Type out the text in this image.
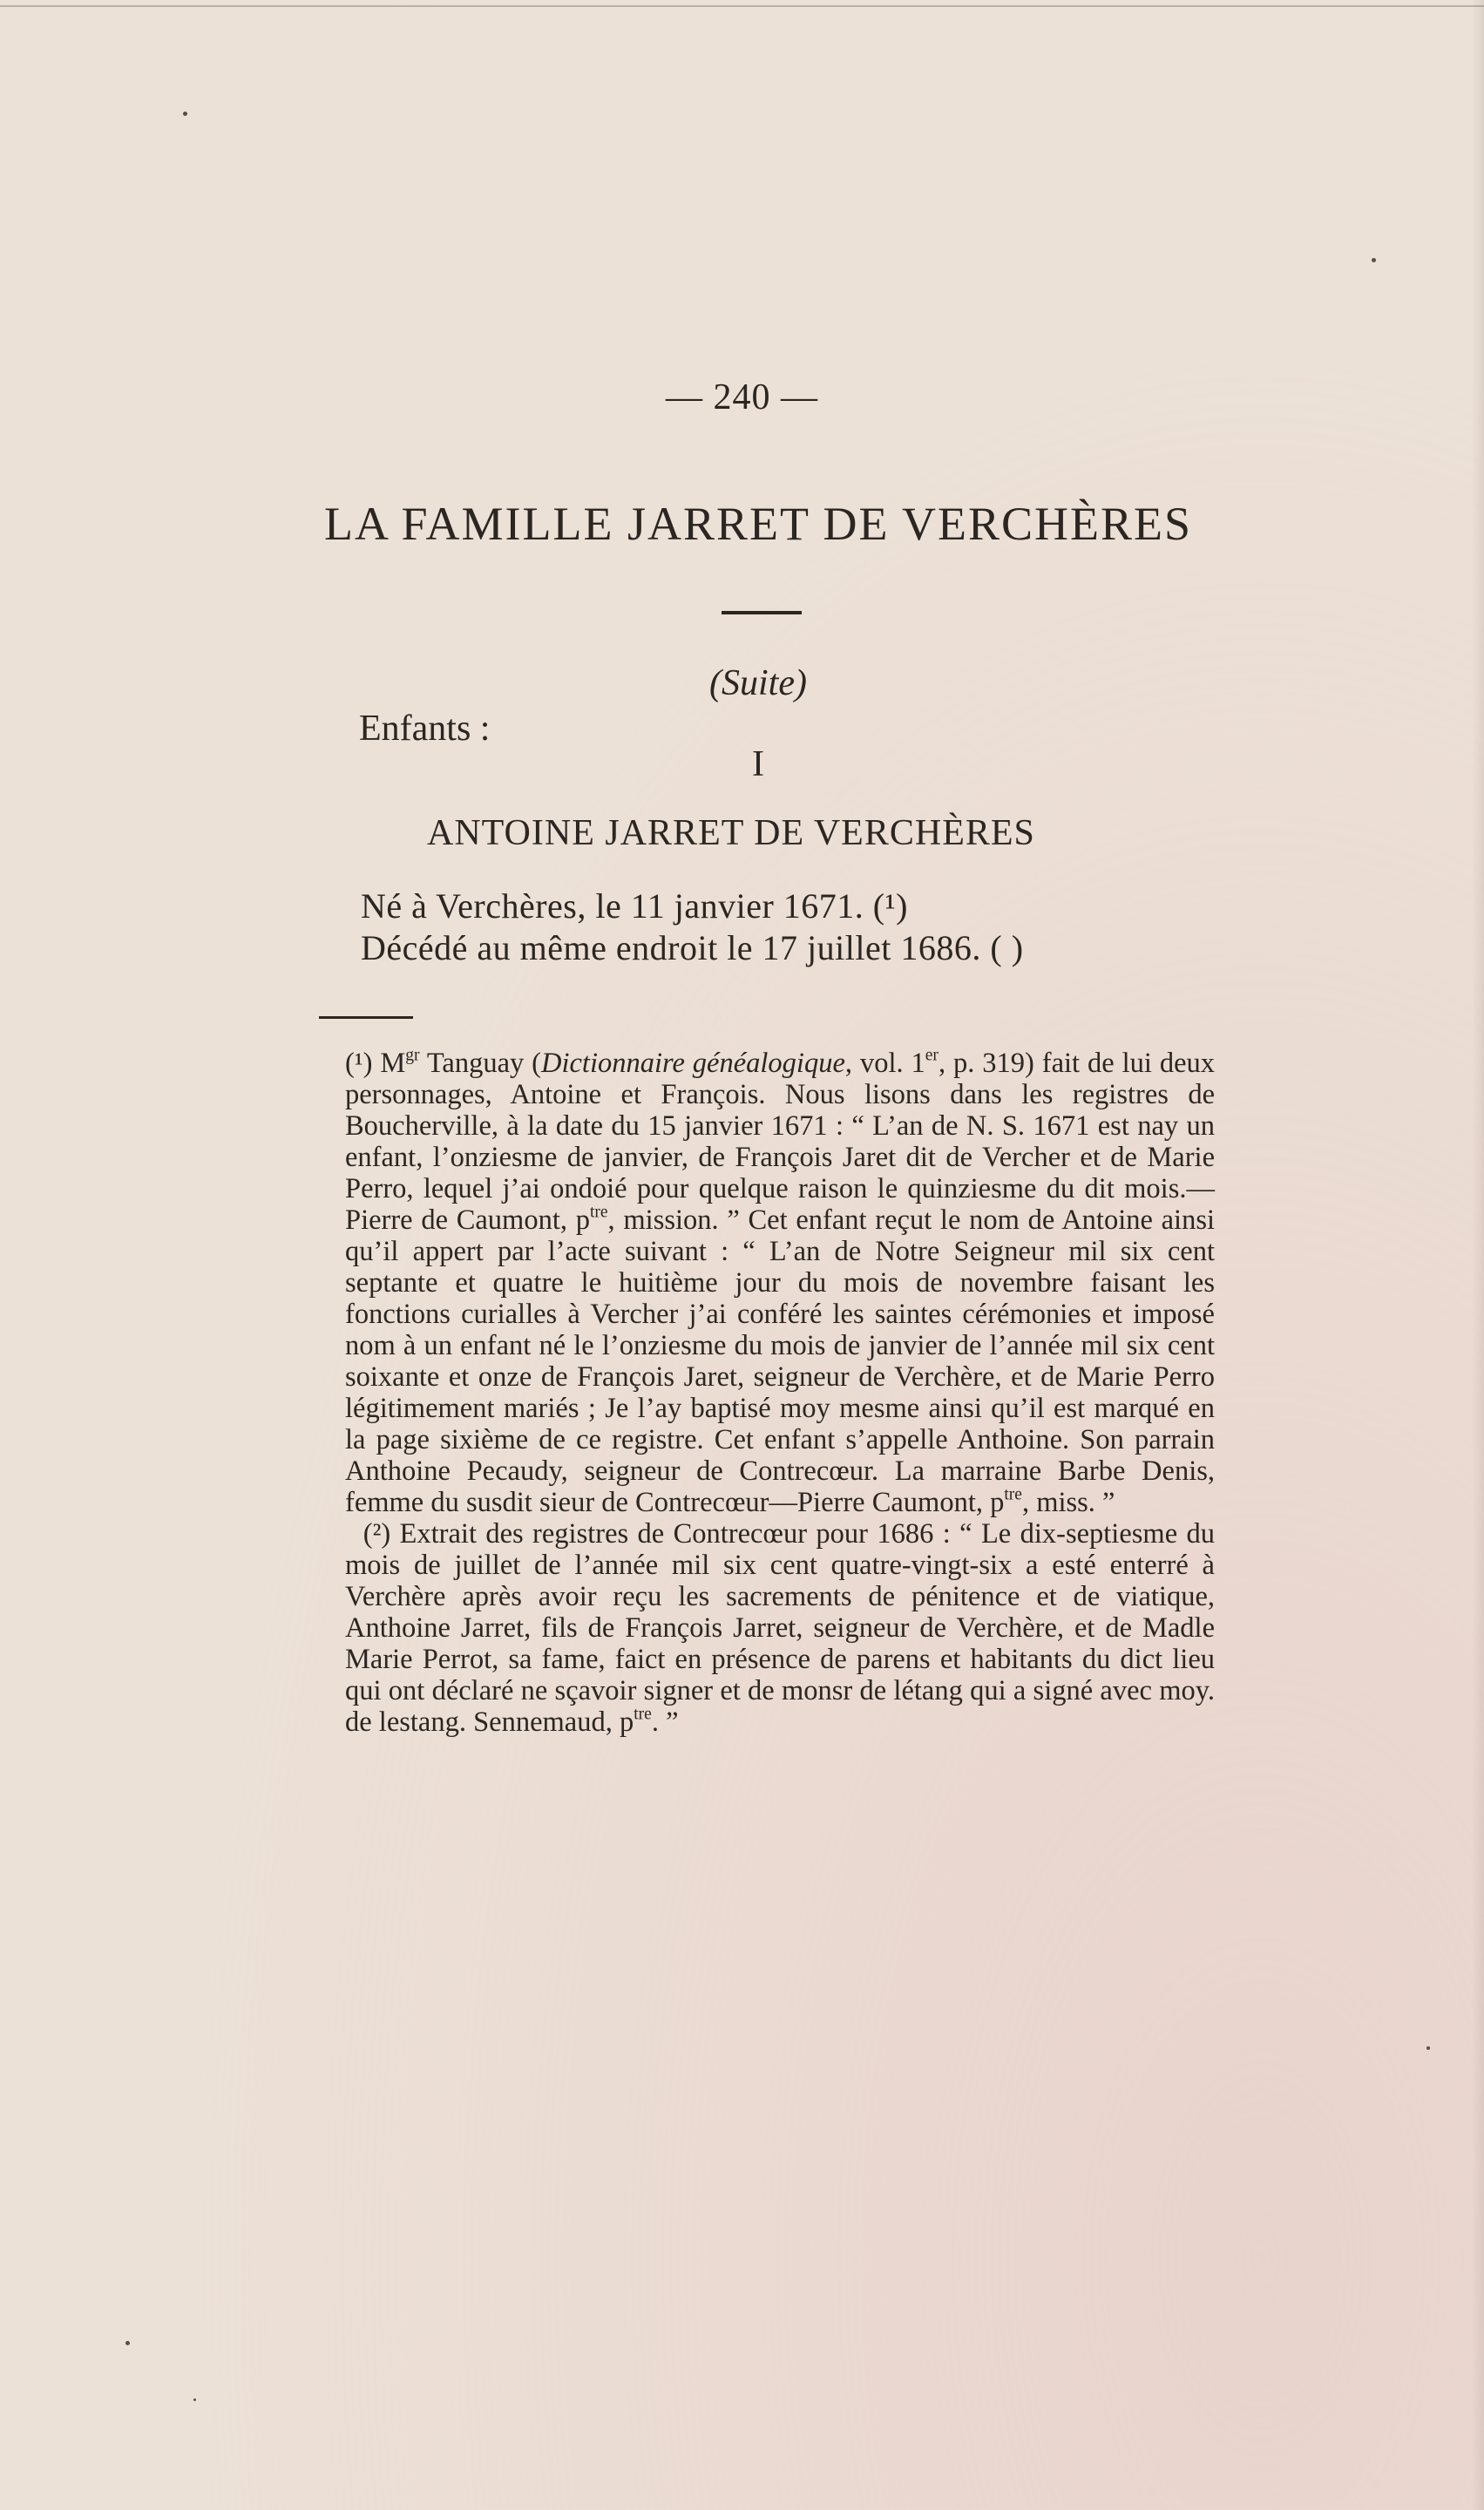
— 240 —
LA FAMILLE JARRET DE VERCHÈRES
(Suite)
Enfants :
I
ANTOINE JARRET DE VERCHÈRES
Né à Verchères, le 11 janvier 1671. (¹)
Décédé au même endroit le 17 juillet 1686. ( )

(¹) $M^{gr}$ Tanguay (Dictionnaire généalogique, vol. 1er, p. 319) fait de lui deux personnages, Antoine et François. Nous lisons dans les registres de Boucherville, à la date du 15 janvier 1671 : “ L’an de N. S. 1671 est nay un enfant, l’onziesme de janvier, de François Jaret dit de Vercher et de Marie Perro, lequel j’ai ondoié pour quelque raison le quinziesme du dit mois.—Pierre de Caumont, $p^{tre}$, mission. ” Cet enfant reçut le nom de Antoine ainsi qu’il appert par l’acte suivant : “ L’an de Notre Seigneur mil six cent septante et quatre le huitième jour du mois de novembre faisant les fonctions curialles à Vercher j’ai conféré les saintes cérémonies et imposé nom à un enfant né le l’onziesme du mois de janvier de l’année mil six cent soixante et onze de François Jaret, seigneur de Verchère, et de Marie Perro légitimement mariés ; Je l’ay baptisé moy mesme ainsi qu’il est marqué en la page sixième de ce registre. Cet enfant s’appelle Anthoine. Son parrain Anthoine Pecaudy, seigneur de Contrecœur. La marraine Barbe Denis, femme du susdit sieur de Contrecœur—Pierre Caumont, $p^{tre}$, miss. ”

(²) Extrait des registres de Contrecœur pour 1686 : “ Le dix-septiesme du mois de juillet de l’année mil six cent quatre-vingt-six a esté enterré à Verchère après avoir reçu les sacrements de pénitence et de viatique, Anthoine Jarret, fils de François Jarret, seigneur de Verchère, et de Madle Marie Perrot, sa fame, faict en présence de parens et habitants du dict lieu qui ont déclaré ne sçavoir signer et de monsr de létang qui a signé avec moy. de lestang. Sennemaud, $p^{tre}$. ”
